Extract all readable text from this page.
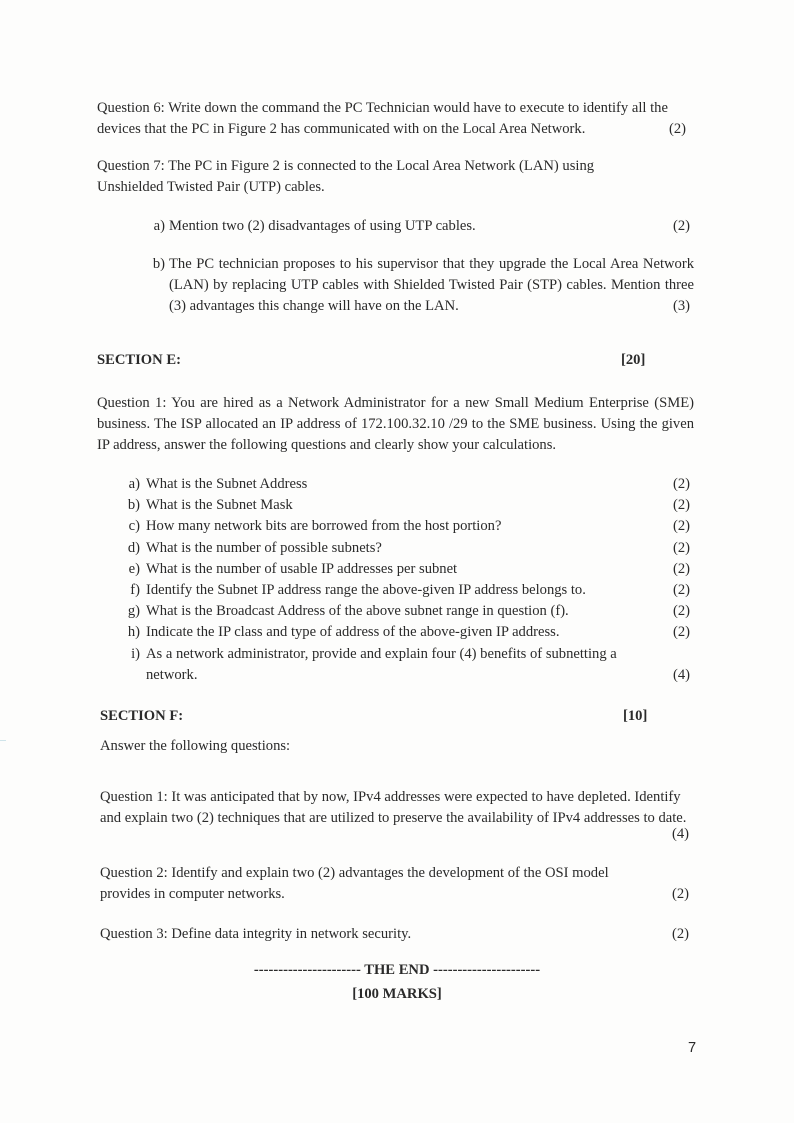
Question 6: Write down the command the PC Technician would have to execute to identify all the devices that the PC in Figure 2 has communicated with on the Local Area Network.	(2)

Question 7: The PC in Figure 2 is connected to the Local Area Network (LAN) using Unshielded Twisted Pair (UTP) cables.

a) Mention two (2) disadvantages of using UTP cables.	(2)
b) The PC technician proposes to his supervisor that they upgrade the Local Area Network (LAN) by replacing UTP cables with Shielded Twisted Pair (STP) cables. Mention three (3) advantages this change will have on the LAN.	(3)
SECTION E:	[20]

Question 1: You are hired as a Network Administrator for a new Small Medium Enterprise (SME) business. The ISP allocated an IP address of 172.100.32.10 /29 to the SME business. Using the given IP address, answer the following questions and clearly show your calculations.

a) What is the Subnet Address	(2)
b) What is the Subnet Mask	(2)
c) How many network bits are borrowed from the host portion?	(2)
d) What is the number of possible subnets?	(2)
e) What is the number of usable IP addresses per subnet	(2)
f) Identify the Subnet IP address range the above-given IP address belongs to.	(2)
g) What is the Broadcast Address of the above subnet range in question (f).	(2)
h) Indicate the IP class and type of address of the above-given IP address.	(2)
i) As a network administrator, provide and explain four (4) benefits of subnetting a network.	(4)
SECTION F:	[10]

Answer the following questions:

Question 1: It was anticipated that by now, IPv4 addresses were expected to have depleted. Identify and explain two (2) techniques that are utilized to preserve the availability of IPv4 addresses to date.

(4)

Question 2: Identify and explain two (2) advantages the development of the OSI model provides in computer networks.	(2)

Question 3: Define data integrity in network security.	(2)
---------------------- THE END ----------------------
[100 MARKS]
7
